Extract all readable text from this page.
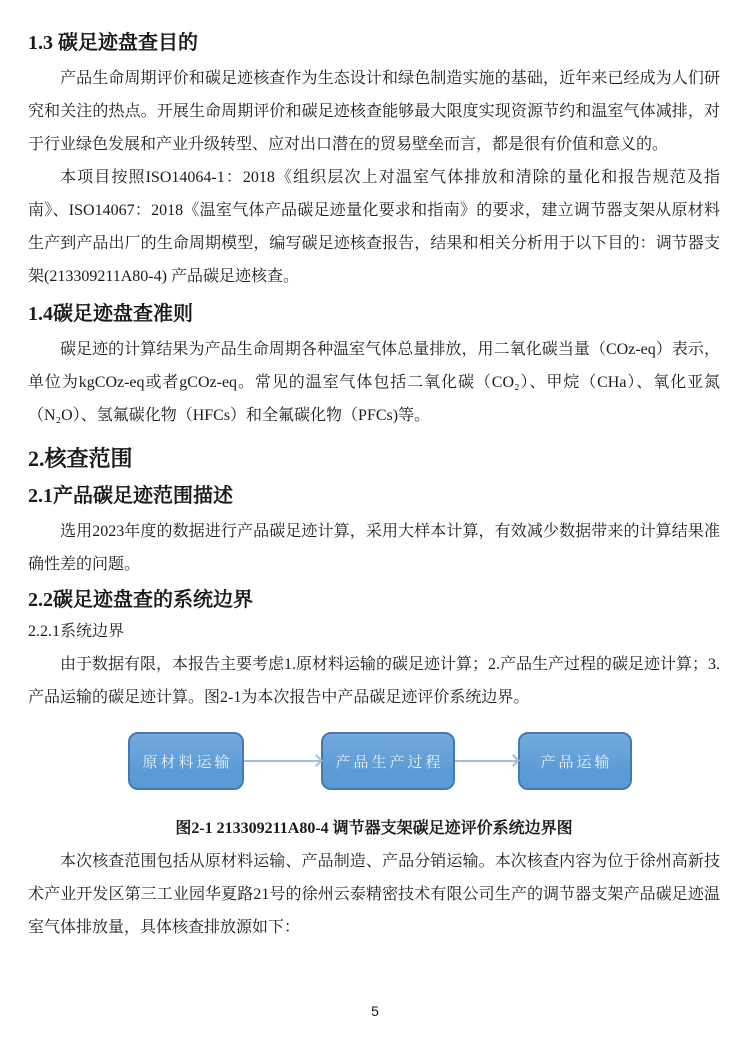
1.3 碳足迹盘查目的

产品生命周期评价和碳足迹核查作为生态设计和绿色制造实施的基础，近年来已经成为人们研究和关注的热点。开展生命周期评价和碳足迹核查能够最大限度实现资源节约和温室气体减排，对于行业绿色发展和产业升级转型、应对出口潜在的贸易壁垒而言，都是很有价值和意义的。

本项目按照ISO14064-1：2018《组织层次上对温室气体排放和清除的量化和报告规范及指南》、ISO14067：2018《温室气体产品碳足迹量化要求和指南》的要求，建立调节器支架从原材料生产到产品出厂的生命周期模型，编写碳足迹核查报告，结果和相关分析用于以下目的：调节器支架(213309211A80-4) 产品碳足迹核查。

1.4碳足迹盘查准则

碳足迹的计算结果为产品生命周期各种温室气体总量排放，用二氧化碳当量（COz-eq）表示，单位为kgCOz-eq或者gCOz-eq。常见的温室气体包括二氧化碳（CO₂）、甲烷（CHa）、氧化亚氮（N₂O）、氢氟碳化物（HFCs）和全氟碳化物（PFCs)等。

2.核查范围
2.1产品碳足迹范围描述

选用2023年度的数据进行产品碳足迹计算，采用大样本计算，有效减少数据带来的计算结果准确性差的问题。

2.2碳足迹盘查的系统边界
2.2.1系统边界

由于数据有限，本报告主要考虑1.原材料运输的碳足迹计算；2.产品生产过程的碳足迹计算；3.产品运输的碳足迹计算。图2-1为本次报告中产品碳足迹评价系统边界。

原材料运输	产品生产过程	产品运输

图2-1 213309211A80-4 调节器支架碳足迹评价系统边界图

本次核查范围包括从原材料运输、产品制造、产品分销运输。本次核查内容为位于徐州高新技术产业开发区第三工业园华夏路21号的徐州云泰精密技术有限公司生产的调节器支架产品碳足迹温室气体排放量，具体核查排放源如下：

5
